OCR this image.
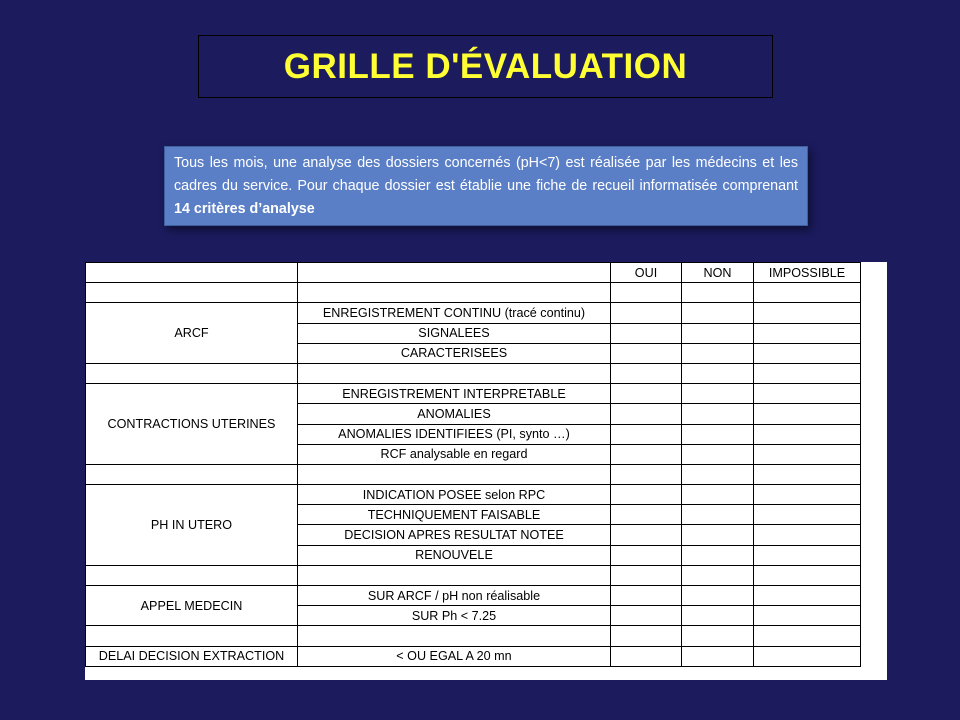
GRILLE D'ÉVALUATION
Tous les mois, une analyse des dossiers concernés (pH<7) est réalisée par les médecins et les cadres du service. Pour chaque dossier est établie une fiche de recueil informatisée comprenant 14 critères d’analyse
		OUI	NON	IMPOSSIBLE

ARCF	ENREGISTREMENT CONTINU (tracé continu)			
	SIGNALEES			
	CARACTERISEES			

CONTRACTIONS UTERINES	ENREGISTREMENT INTERPRETABLE			
	ANOMALIES			
	ANOMALIES IDENTIFIEES (PI, synto …)			
	RCF analysable en regard			

PH IN UTERO	INDICATION POSEE selon RPC			
	TECHNIQUEMENT FAISABLE			
	DECISION APRES RESULTAT NOTEE			
	RENOUVELE			

APPEL MEDECIN	SUR ARCF / pH non réalisable			
	SUR Ph < 7.25			

DELAI DECISION EXTRACTION	< OU EGAL A 20 mn			
